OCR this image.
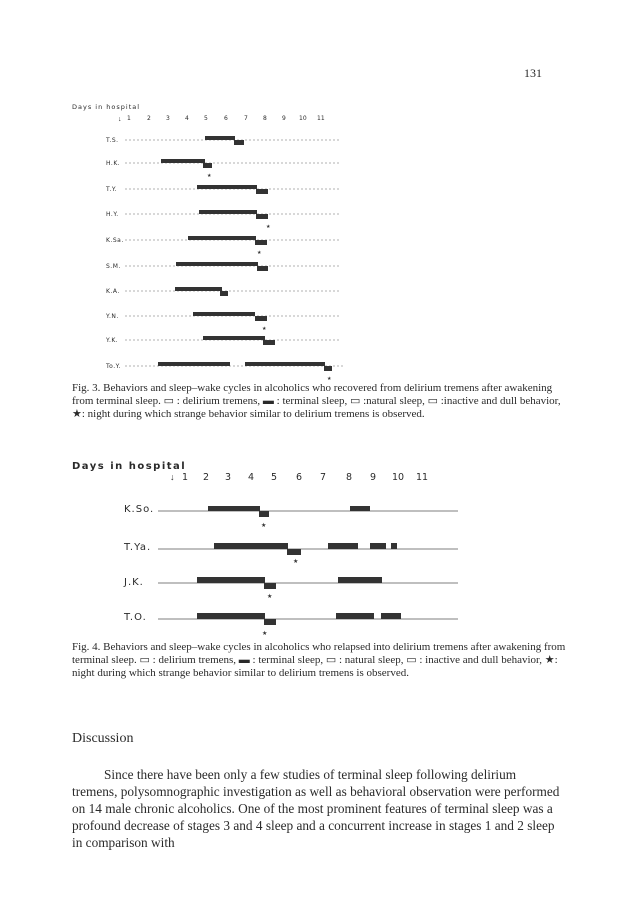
131
Days in hospital
↓ 1	2	3	4	5	6	7	8	9 10 11
T.S.
H.K.
T.Y.
H.Y.
K.Sa.
S.M.
K.A.
Y.N.
Y.K.
To.Y.
★
★
★
★
★
Fig. 3. Behaviors and sleep–wake cycles in alcoholics who recovered from delirium tremens after awakening from terminal sleep. ▭ : delirium tremens, ▬ : terminal sleep, ▭ :natural sleep, ▭ :inactive and dull behavior, ★: night during which strange behavior similar to delirium tremens is observed.
Days in hospital
↓ 1 2 3 4 5 6 7 8 9 10 11
K.So.
T.Ya.
J.K.
T.O.
★
★
★
★
Fig. 4. Behaviors and sleep–wake cycles in alcoholics who relapsed into delirium tremens after awakening from terminal sleep. ▭ : delirium tremens, ▬ : terminal sleep, ▭ : natural sleep, ▭ : inactive and dull behavior, ★: night during which strange behavior similar to delirium tremens is observed.
Discussion

Since there have been only a few studies of terminal sleep following delirium tremens, polysomnographic investigation as well as behavioral observation were performed on 14 male chronic alcoholics. One of the most prominent features of terminal sleep was a profound decrease of stages 3 and 4 sleep and a concurrent increase in stages 1 and 2 sleep in comparison with
